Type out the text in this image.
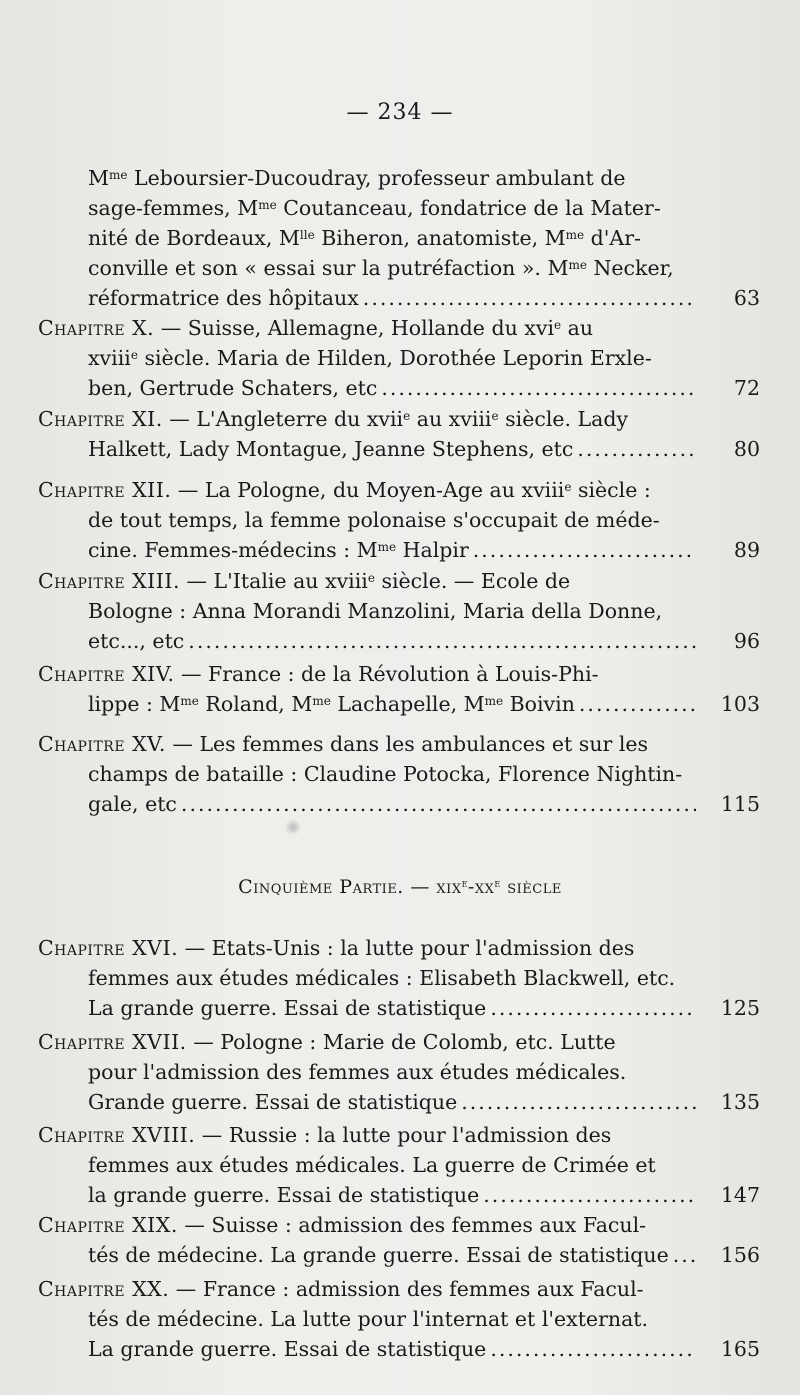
— 234 —
$M^{me}$ Leboursier-Ducoudray, professeur ambulant de
sage-femmes, $M^{me}$ Coutanceau, fondatrice de la Mater-
nité de Bordeaux, $M^{lle}$ Biheron, anatomiste, $M^{me}$ d'Ar-
conville et son « essai sur la putréfaction ». $M^{me}$ Necker,
réformatrice des hôpitaux .....	63
Chapitre X. — Suisse, Allemagne, Hollande du xvi$^e$ au
xviii$^e$ siècle. Maria de Hilden, Dorothée Leporin Erxle-
ben, Gertrude Schaters, etc .....	72
Chapitre XI. — L'Angleterre du xvii$^e$ au xviii$^e$ siècle. Lady
Halkett, Lady Montague, Jeanne Stephens, etc .....	80
Chapitre XII. — La Pologne, du Moyen-Age au xviii$^e$ siècle :
de tout temps, la femme polonaise s'occupait de méde-
cine. Femmes-médecins : $M^{me}$ Halpir .....	89
Chapitre XIII. — L'Italie au xviii$^e$ siècle. — Ecole de
Bologne : Anna Morandi Manzolini, Maria della Donne,
etc..., etc .....	96
Chapitre XIV. — France : de la Révolution à Louis-Phi-
lippe : $M^{me}$ Roland, $M^{me}$ Lachapelle, $M^{me}$ Boivin .....	103
Chapitre XV. — Les femmes dans les ambulances et sur les
champs de bataille : Claudine Potocka, Florence Nightin-
gale, etc .....	115
Cinquième Partie. — $xix^e-xx^e$ siècle
Chapitre XVI. — Etats-Unis : la lutte pour l'admission des
femmes aux études médicales : Elisabeth Blackwell, etc.
La grande guerre. Essai de statistique .....	125
Chapitre XVII. — Pologne : Marie de Colomb, etc. Lutte
pour l'admission des femmes aux études médicales.
Grande guerre. Essai de statistique .....	135
Chapitre XVIII. — Russie : la lutte pour l'admission des
femmes aux études médicales. La guerre de Crimée et
la grande guerre. Essai de statistique .....	147
Chapitre XIX. — Suisse : admission des femmes aux Facul-
tés de médecine. La grande guerre. Essai de statistique .....	156
Chapitre XX. — France : admission des femmes aux Facul-
tés de médecine. La lutte pour l'internat et l'externat.
La grande guerre. Essai de statistique .....	165
